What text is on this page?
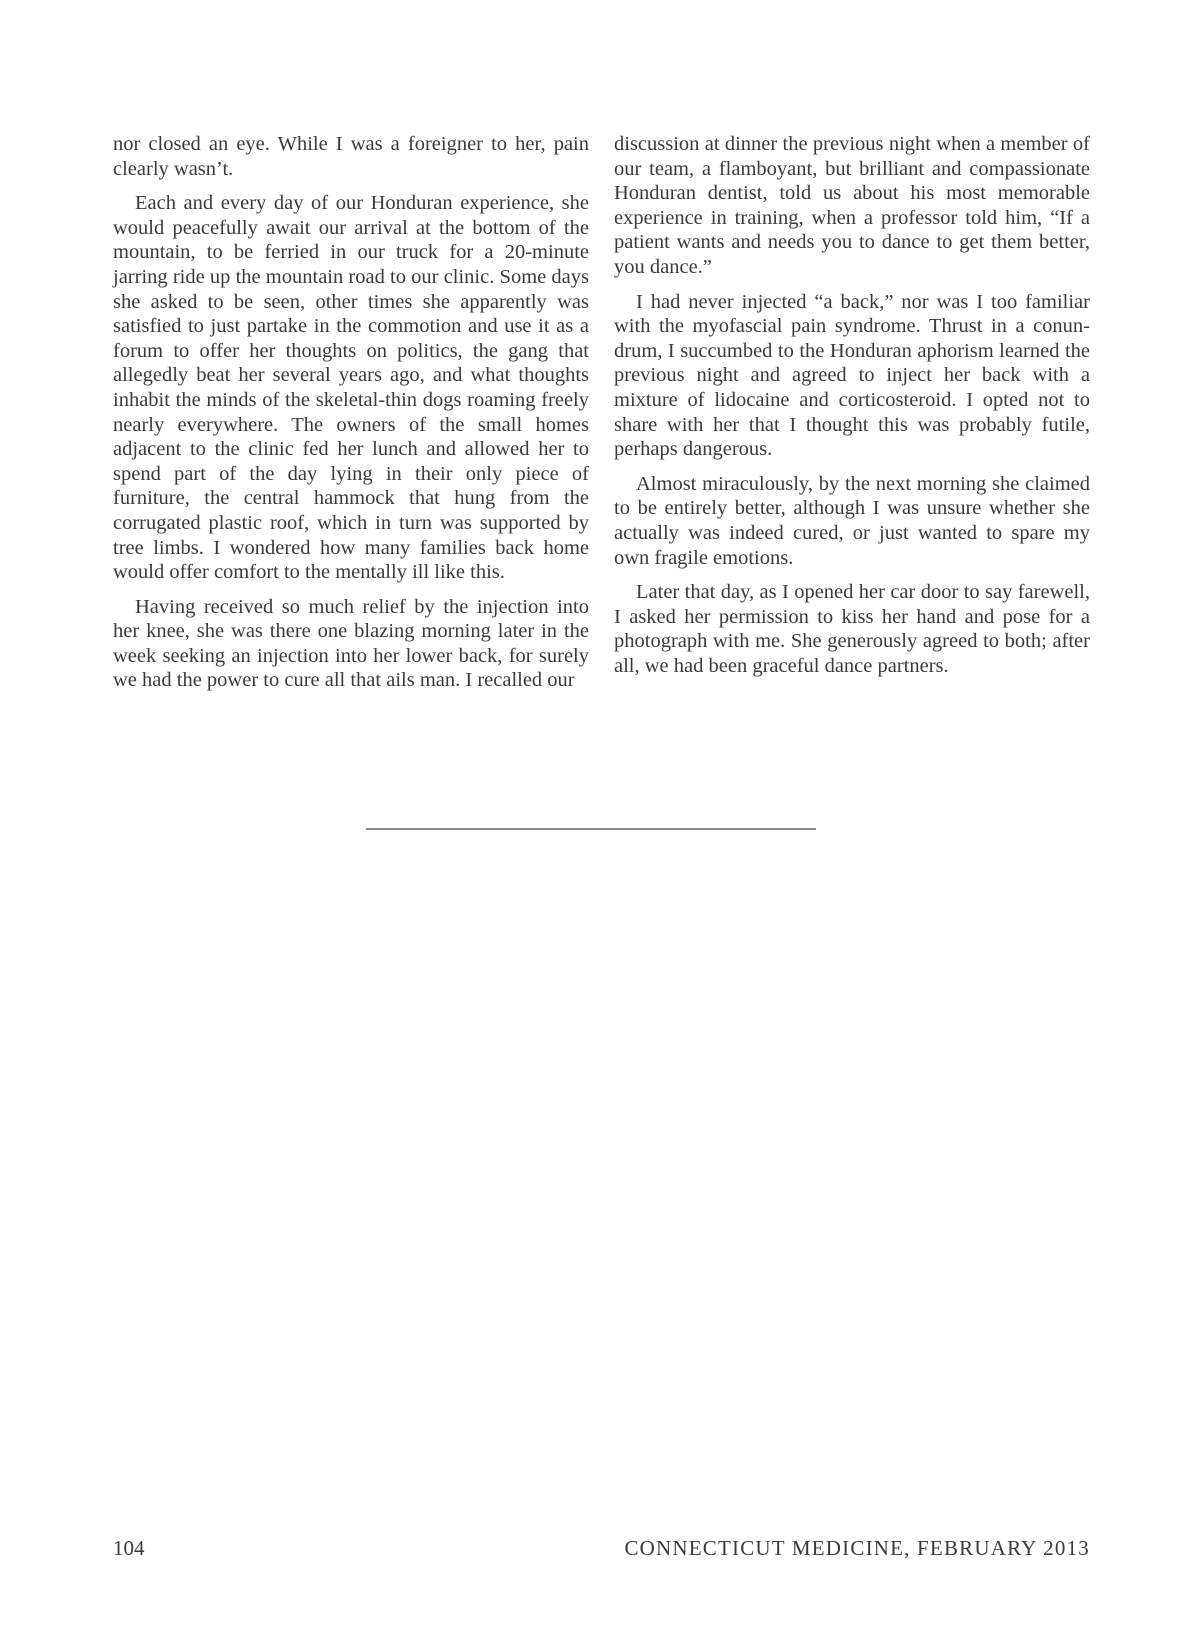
nor closed an eye. While I was a foreigner to her, pain clearly wasn’t.

Each and every day of our Honduran experience, she would peacefully await our arrival at the bottom of the mountain, to be ferried in our truck for a 20-minute jarring ride up the mountain road to our clinic. Some days she asked to be seen, other times she apparently was satisfied to just partake in the commotion and use it as a forum to offer her thoughts on politics, the gang that allegedly beat her several years ago, and what thoughts inhabit the minds of the skeletal-thin dogs roaming freely nearly everywhere. The owners of the small homes adjacent to the clinic fed her lunch and allowed her to spend part of the day lying in their only piece of furniture, the central hammock that hung from the corrugated plastic roof, which in turn was supported by tree limbs. I wondered how many families back home would offer comfort to the mentally ill like this.

Having received so much relief by the injection into her knee, she was there one blazing morning later in the week seeking an injection into her lower back, for surely we had the power to cure all that ails man. I recalled our

discussion at dinner the previous night when a member of our team, a flamboyant, but brilliant and compassionate Honduran dentist, told us about his most memorable experience in training, when a professor told him, “If a patient wants and needs you to dance to get them better, you dance.”

I had never injected “a back,” nor was I too familiar with the myofascial pain syndrome. Thrust in a conundrum, I succumbed to the Honduran aphorism learned the previous night and agreed to inject her back with a mixture of lidocaine and corticosteroid. I opted not to share with her that I thought this was probably futile, perhaps dangerous.

Almost miraculously, by the next morning she claimed to be entirely better, although I was unsure whether she actually was indeed cured, or just wanted to spare my own fragile emotions.

Later that day, as I opened her car door to say farewell, I asked her permission to kiss her hand and pose for a photograph with me. She generously agreed to both; after all, we had been graceful dance partners.

104	CONNECTICUT MEDICINE, FEBRUARY 2013
